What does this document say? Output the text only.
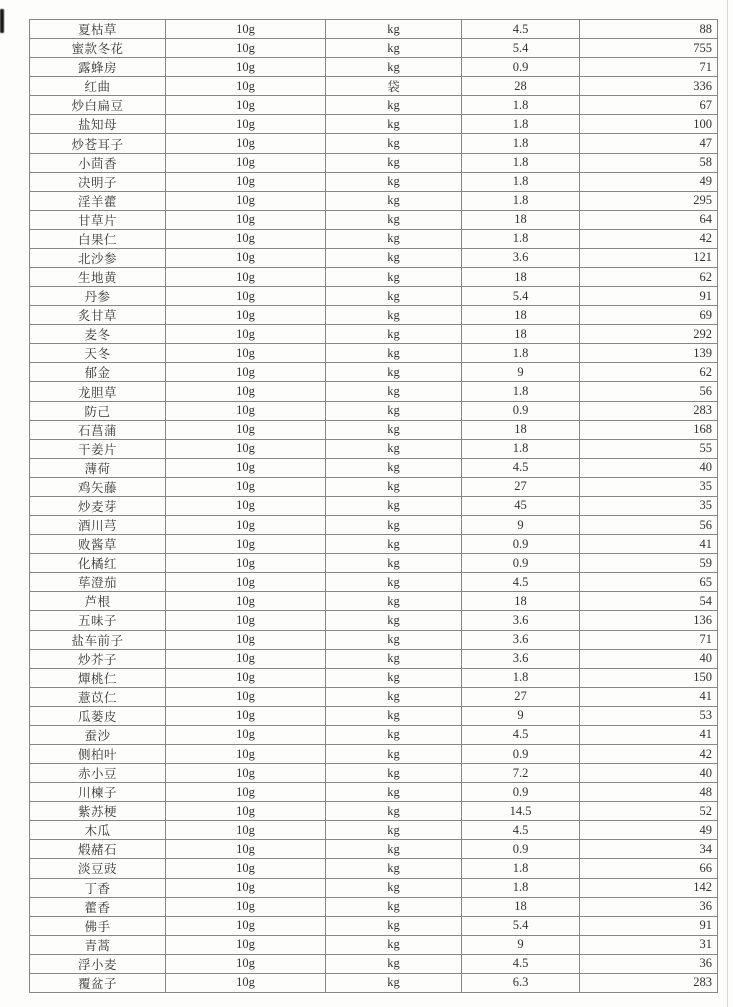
夏枯草	10g	kg	4.5	88
蜜款冬花	10g	kg	5.4	755
露蜂房	10g	kg	0.9	71
红曲	10g	袋	28	336
炒白扁豆	10g	kg	1.8	67
盐知母	10g	kg	1.8	100
炒苍耳子	10g	kg	1.8	47
小茴香	10g	kg	1.8	58
决明子	10g	kg	1.8	49
淫羊藿	10g	kg	1.8	295
甘草片	10g	kg	18	64
白果仁	10g	kg	1.8	42
北沙参	10g	kg	3.6	121
生地黄	10g	kg	18	62
丹参	10g	kg	5.4	91
炙甘草	10g	kg	18	69
麦冬	10g	kg	18	292
天冬	10g	kg	1.8	139
郁金	10g	kg	9	62
龙胆草	10g	kg	1.8	56
防己	10g	kg	0.9	283
石菖蒲	10g	kg	18	168
干姜片	10g	kg	1.8	55
薄荷	10g	kg	4.5	40
鸡矢藤	10g	kg	27	35
炒麦芽	10g	kg	45	35
酒川芎	10g	kg	9	56
败酱草	10g	kg	0.9	41
化橘红	10g	kg	0.9	59
荜澄茄	10g	kg	4.5	65
芦根	10g	kg	18	54
五味子	10g	kg	3.6	136
盐车前子	10g	kg	3.6	71
炒芥子	10g	kg	3.6	40
燀桃仁	10g	kg	1.8	150
薏苡仁	10g	kg	27	41
瓜蒌皮	10g	kg	9	53
蚕沙	10g	kg	4.5	41
侧柏叶	10g	kg	0.9	42
赤小豆	10g	kg	7.2	40
川楝子	10g	kg	0.9	48
紫苏梗	10g	kg	14.5	52
木瓜	10g	kg	4.5	49
煅赭石	10g	kg	0.9	34
淡豆豉	10g	kg	1.8	66
丁香	10g	kg	1.8	142
藿香	10g	kg	18	36
佛手	10g	kg	5.4	91
青蒿	10g	kg	9	31
浮小麦	10g	kg	4.5	36
覆盆子	10g	kg	6.3	283
